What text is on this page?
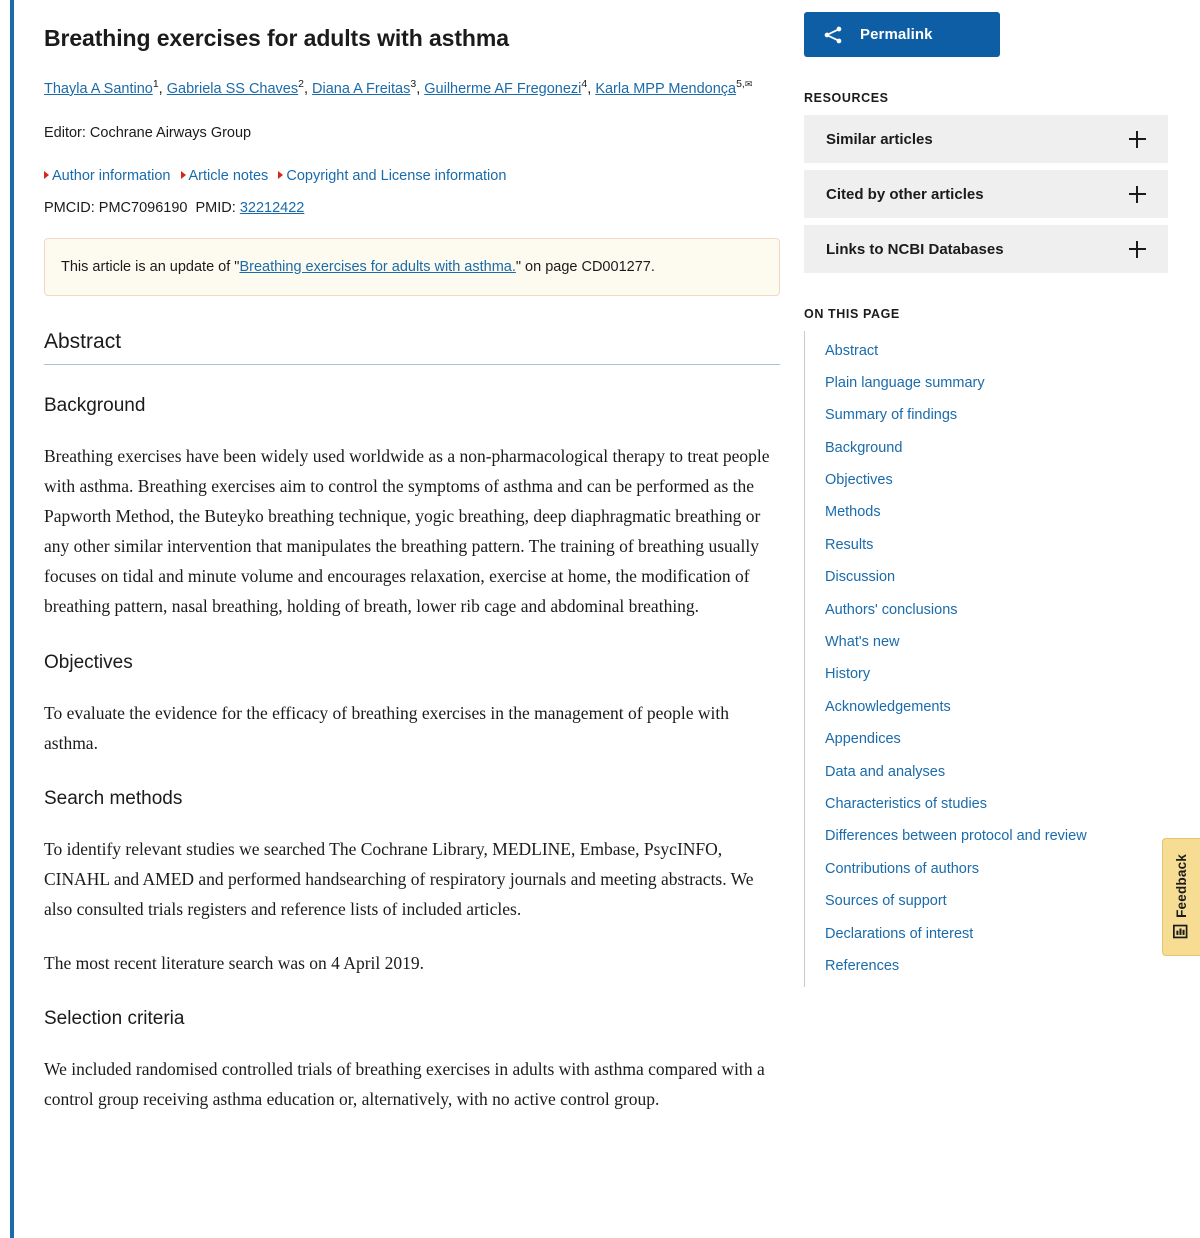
Breathing exercises for adults with asthma
Thayla A Santino$^1$, Gabriela SS Chaves$^2$, Diana A Freitas$^3$, Guilherme AF Fregonezi$^4$, Karla MPP Mendonça$^{5,✉}$
Editor: Cochrane Airways Group
Author information Article notes Copyright and License information
PMCID: PMC7096190 PMID: 32212422
This article is an update of "Breathing exercises for adults with asthma." on page CD001277.
Abstract
Background

Breathing exercises have been widely used worldwide as a non-pharmacological therapy to treat people with asthma. Breathing exercises aim to control the symptoms of asthma and can be performed as the Papworth Method, the Buteyko breathing technique, yogic breathing, deep diaphragmatic breathing or any other similar intervention that manipulates the breathing pattern. The training of breathing usually focuses on tidal and minute volume and encourages relaxation, exercise at home, the modification of breathing pattern, nasal breathing, holding of breath, lower rib cage and abdominal breathing.

Objectives

To evaluate the evidence for the efficacy of breathing exercises in the management of people with asthma.

Search methods

To identify relevant studies we searched The Cochrane Library, MEDLINE, Embase, PsycINFO, CINAHL and AMED and performed handsearching of respiratory journals and meeting abstracts. We also consulted trials registers and reference lists of included articles.

The most recent literature search was on 4 April 2019.

Selection criteria

We included randomised controlled trials of breathing exercises in adults with asthma compared with a control group receiving asthma education or, alternatively, with no active control group.

Permalink
RESOURCES
Similar articles
Cited by other articles
Links to NCBI Databases
ON THIS PAGE
Abstract
Plain language summary
Summary of findings
Background
Objectives
Methods
Results
Discussion
Authors' conclusions
What's new
History
Acknowledgements
Appendices
Data and analyses
Characteristics of studies
Differences between protocol and review
Contributions of authors
Sources of support
Declarations of interest
References
Feedback
